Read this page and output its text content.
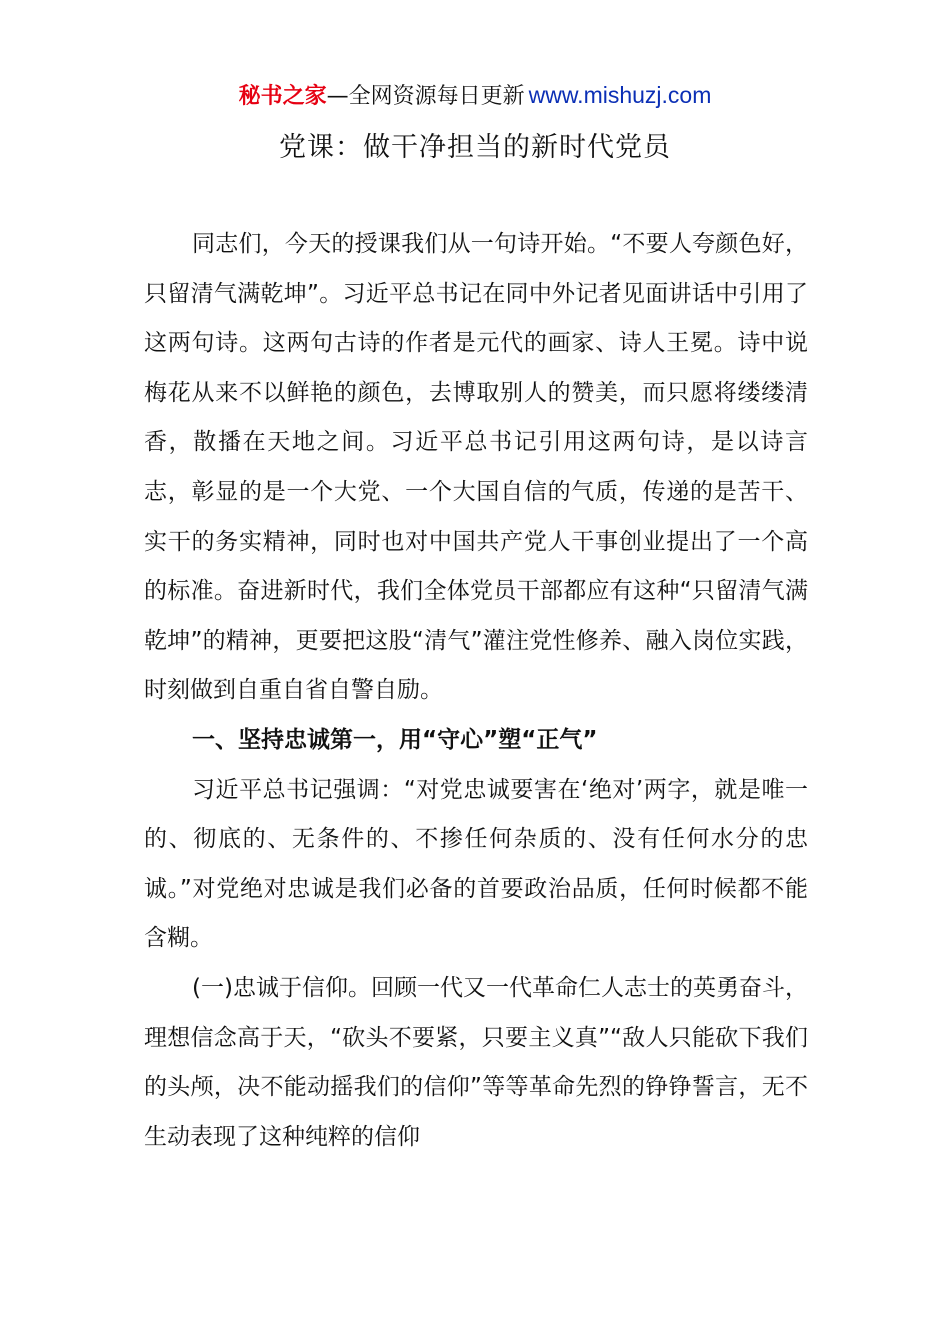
秘书之家—全网资源每日更新 www.mishuzj.com
党课：做干净担当的新时代党员

同志们，今天的授课我们从一句诗开始。“不要人夸颜色好，只留清气满乾坤”。习近平总书记在同中外记者见面讲话中引用了这两句诗。这两句古诗的作者是元代的画家、诗人王冕。诗中说梅花从来不以鲜艳的颜色，去博取别人的赞美，而只愿将缕缕清香，散播在天地之间。习近平总书记引用这两句诗，是以诗言志，彰显的是一个大党、一个大国自信的气质，传递的是苦干、实干的务实精神，同时也对中国共产党人干事创业提出了一个高的标准。奋进新时代，我们全体党员干部都应有这种“只留清气满乾坤”的精神，更要把这股“清气”灌注党性修养、融入岗位实践，时刻做到自重自省自警自励。

一、坚持忠诚第一，用“守心”塑“正气”

习近平总书记强调：“对党忠诚要害在‘绝对’两字，就是唯一的、彻底的、无条件的、不掺任何杂质的、没有任何水分的忠诚。”对党绝对忠诚是我们必备的首要政治品质，任何时候都不能含糊。

(一)忠诚于信仰。回顾一代又一代革命仁人志士的英勇奋斗，理想信念高于天，“砍头不要紧，只要主义真”“敌人只能砍下我们的头颅，决不能动摇我们的信仰”等等革命先烈的铮铮誓言，无不生动表现了这种纯粹的信仰
